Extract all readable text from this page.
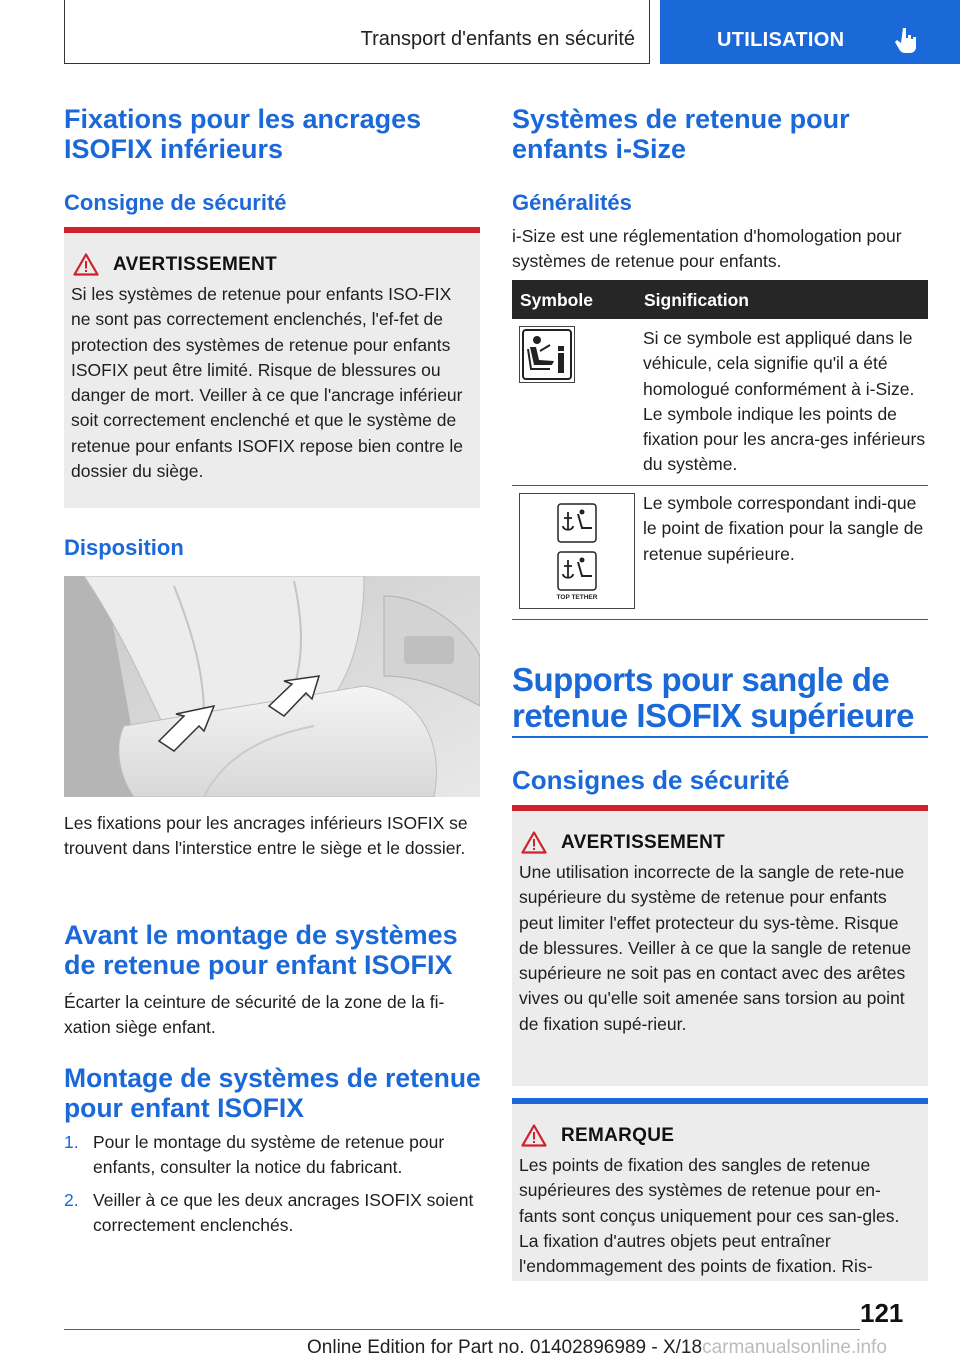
Transport d'enfants en sécurité	UTILISATION
Fixations pour les ancrages ISOFIX inférieurs
Consigne de sécurité
AVERTISSEMENT
Si les systèmes de retenue pour enfants ISO-FIX ne sont pas correctement enclenchés, l'ef-fet de protection des systèmes de retenue pour enfants ISOFIX peut être limité. Risque de blessures ou danger de mort. Veiller à ce que l'ancrage inférieur soit correctement enclenché et que le système de retenue pour enfants ISOFIX repose bien contre le dossier du siège.
Disposition
Les fixations pour les ancrages inférieurs ISOFIX se trouvent dans l'interstice entre le siège et le dossier.
Avant le montage de systèmes de retenue pour enfant ISOFIX
Écarter la ceinture de sécurité de la zone de la fi-xation siège enfant.
Montage de systèmes de retenue pour enfant ISOFIX
1. Pour le montage du système de retenue pour enfants, consulter la notice du fabricant.
2. Veiller à ce que les deux ancrages ISOFIX soient correctement enclenchés.
Systèmes de retenue pour enfants i-Size
Généralités
i-Size est une réglementation d'homologation pour systèmes de retenue pour enfants.
Symbole	Signification
Si ce symbole est appliqué dans le véhicule, cela signifie qu'il a été homologué conformément à i-Size. Le symbole indique les points de fixation pour les ancra-ges inférieurs du système.
TOP TETHER
Le symbole correspondant indi-que le point de fixation pour la sangle de retenue supérieure.
Supports pour sangle de retenue ISOFIX supérieure
Consignes de sécurité
AVERTISSEMENT
Une utilisation incorrecte de la sangle de rete-nue supérieure du système de retenue pour enfants peut limiter l'effet protecteur du sys-tème. Risque de blessures. Veiller à ce que la sangle de retenue supérieure ne soit pas en contact avec des arêtes vives ou qu'elle soit amenée sans torsion au point de fixation supé-rieur.
REMARQUE
Les points de fixation des sangles de retenue supérieures des systèmes de retenue pour en-fants sont conçus uniquement pour ces san-gles. La fixation d'autres objets peut entraîner l'endommagement des points de fixation. Ris-
121
Online Edition for Part no. 01402896989 - X/18carmanualsonline.info
